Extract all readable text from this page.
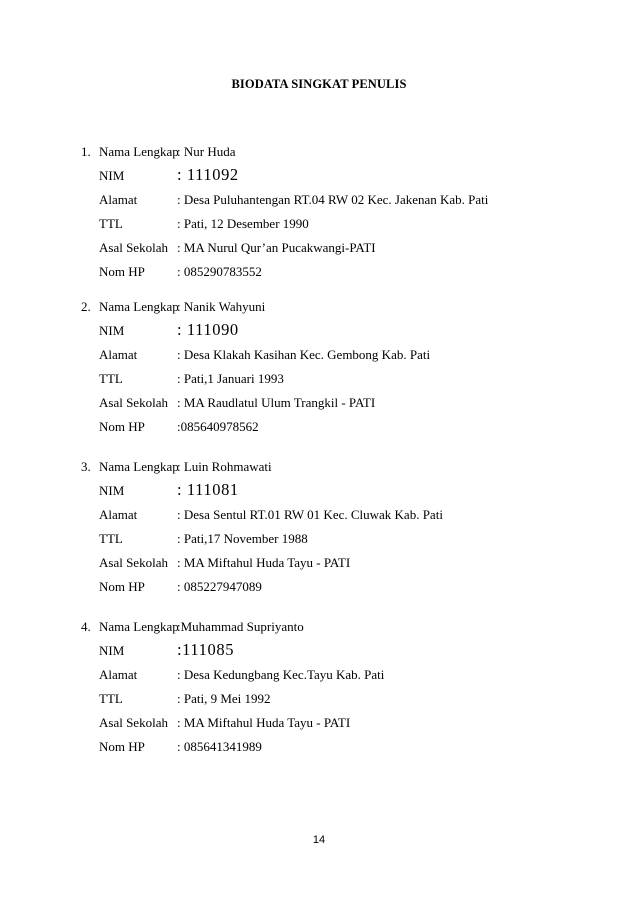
BIODATA SINGKAT PENULIS
1. Nama Lengkap
: Nur Huda
NIM	: 111092
Alamat	: Desa Puluhantengan RT.04 RW 02 Kec. Jakenan Kab. Pati
TTL	: Pati, 12 Desember 1990
Asal Sekolah : MA Nurul Qur’an Pucakwangi-PATI
Nom HP : 085290783552
2. Nama Lengkap
: Nanik Wahyuni
NIM	: 111090
Alamat	: Desa Klakah Kasihan Kec. Gembong Kab. Pati
TTL	: Pati,1 Januari 1993
Asal Sekolah : MA Raudlatul Ulum Trangkil - PATI
Nom HP :085640978562
3. Nama Lengkap
: Luin Rohmawati
NIM	: 111081
Alamat	: Desa Sentul RT.01 RW 01 Kec. Cluwak Kab. Pati
TTL	: Pati,17 November 1988
Asal Sekolah : MA Miftahul Huda Tayu - PATI
Nom HP : 085227947089
4. Nama Lengkap
:Muhammad Supriyanto
NIM	:111085
Alamat	: Desa Kedungbang Kec.Tayu Kab. Pati
TTL	: Pati, 9 Mei 1992
Asal Sekolah : MA Miftahul Huda Tayu - PATI
Nom HP : 085641341989
14
